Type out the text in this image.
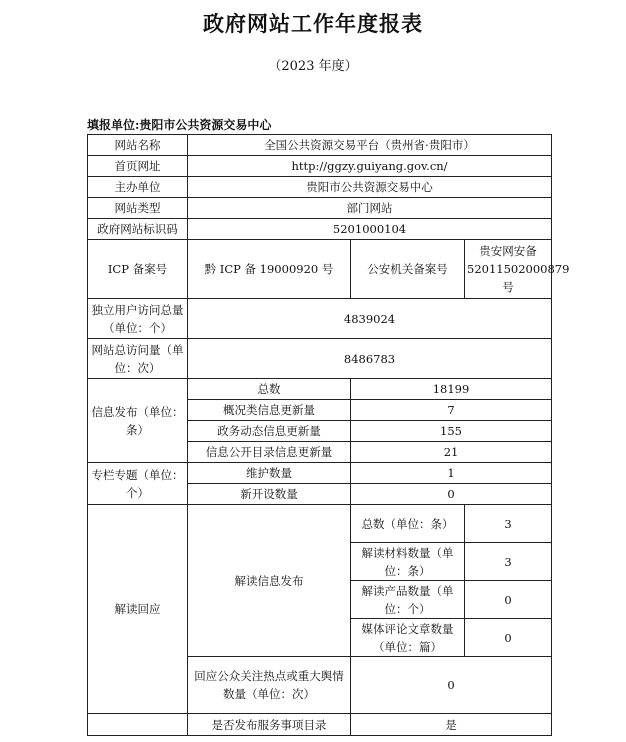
政府网站工作年度报表
（2023 年度）
填报单位:贵阳市公共资源交易中心
网站名称	全国公共资源交易平台（贵州省·贵阳市）		
首页网址	http://ggzy.guiyang.gov.cn/		
主办单位	贵阳市公共资源交易中心		
网站类型	部门网站		
政府网站标识码	5201000104		
ICP 备案号	黔 ICP 备 19000920 号	公安机关备案号	贵安网安备52011502000879 号
独立用户访问总量（单位：个）	4839024		
网站总访问量（单位：次）	8486783		
信息发布（单位：条）	总数	18199	
	概况类信息更新量	7	
	政务动态信息更新量	155	
	信息公开目录信息更新量	21	
专栏专题（单位：个）	维护数量	1	
	新开设数量	0	
解读回应	解读信息发布	总数（单位：条）	3
		解读材料数量（单位：条）	3
		解读产品数量（单位：个）	0
		媒体评论文章数量（单位：篇）	0
	回应公众关注热点或重大舆情数量（单位：次）	0	
	是否发布服务事项目录	是	
